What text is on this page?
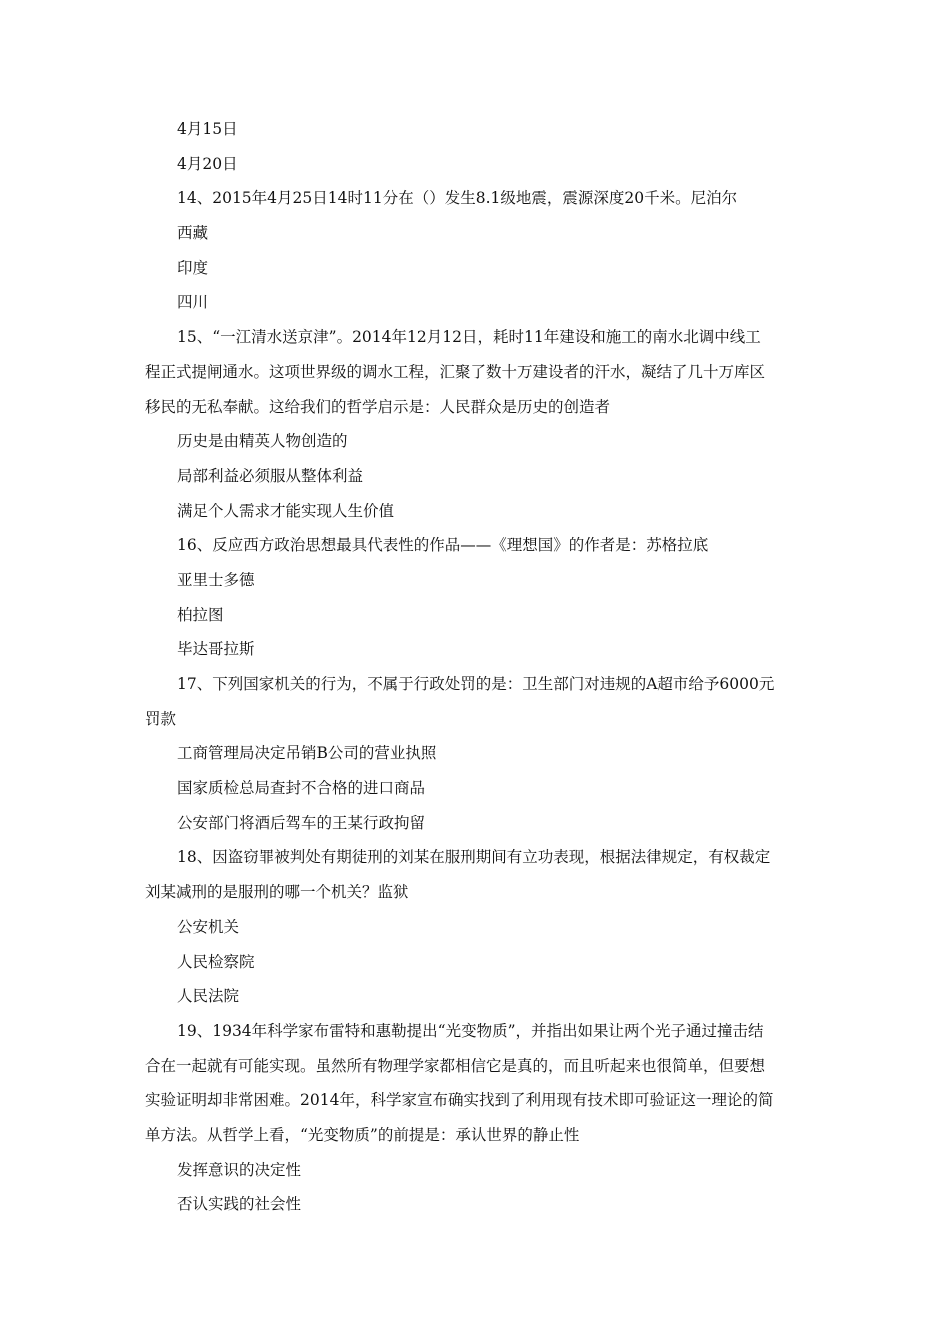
4月15日
4月20日
14、2015年4月25日14时11分在（）发生8.1级地震，震源深度20千米。尼泊尔
西藏
印度
四川
15、“一江清水送京津”。2014年12月12日，耗时11年建设和施工的南水北调中线工
程正式提闸通水。这项世界级的调水工程，汇聚了数十万建设者的汗水，凝结了几十万库区
移民的无私奉献。这给我们的哲学启示是：人民群众是历史的创造者
历史是由精英人物创造的
局部利益必须服从整体利益
满足个人需求才能实现人生价值
16、反应西方政治思想最具代表性的作品——《理想国》的作者是：苏格拉底
亚里士多德
柏拉图
毕达哥拉斯
17、下列国家机关的行为，不属于行政处罚的是：卫生部门对违规的A超市给予6000元
罚款
工商管理局决定吊销B公司的营业执照
国家质检总局查封不合格的进口商品
公安部门将酒后驾车的王某行政拘留
18、因盗窃罪被判处有期徒刑的刘某在服刑期间有立功表现，根据法律规定，有权裁定
刘某减刑的是服刑的哪一个机关？监狱
公安机关
人民检察院
人民法院
19、1934年科学家布雷特和惠勒提出“光变物质”，并指出如果让两个光子通过撞击结
合在一起就有可能实现。虽然所有物理学家都相信它是真的，而且听起来也很简单，但要想
实验证明却非常困难。2014年，科学家宣布确实找到了利用现有技术即可验证这一理论的简
单方法。从哲学上看，“光变物质”的前提是：承认世界的静止性
发挥意识的决定性
否认实践的社会性
